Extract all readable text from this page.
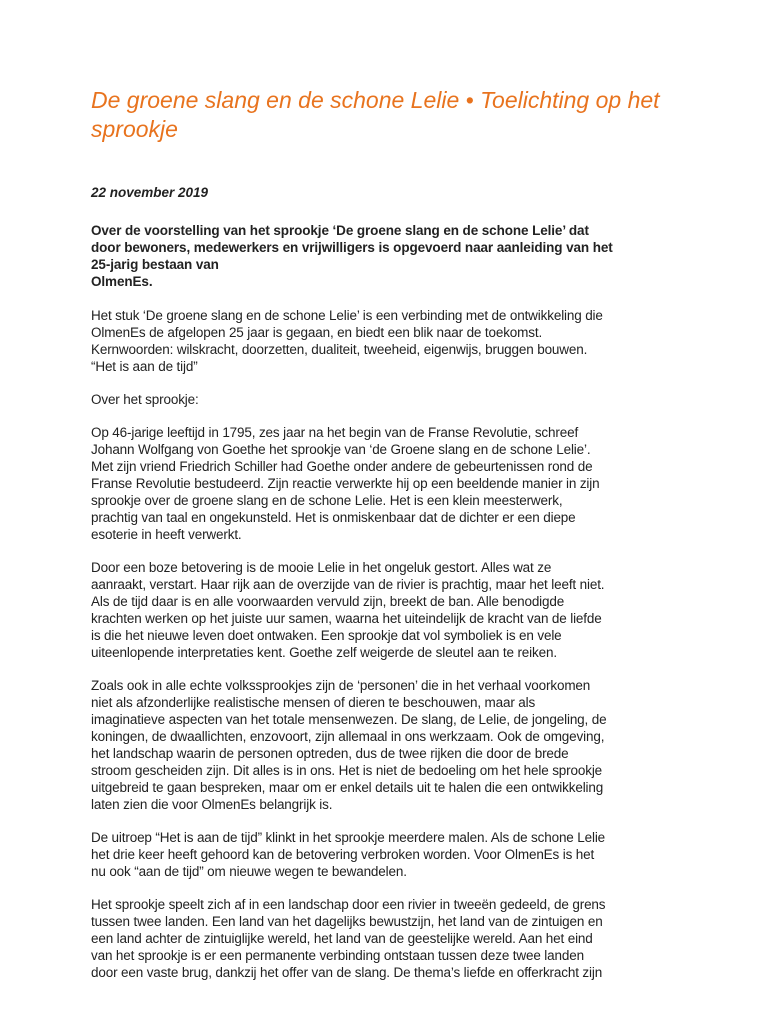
De groene slang en de schone Lelie • Toelichting op het sprookje
22 november 2019
Over de voorstelling van het sprookje ‘De groene slang en de schone Lelie’ dat
door bewoners, medewerkers en vrijwilligers is opgevoerd naar aanleiding van het
25-jarig bestaan van
OlmenEs.

Het stuk ‘De groene slang en de schone Lelie’ is een verbinding met de ontwikkeling die
OlmenEs de afgelopen 25 jaar is gegaan, en biedt een blik naar de toekomst.
Kernwoorden: wilskracht, doorzetten, dualiteit, tweeheid, eigenwijs, bruggen bouwen.
“Het is aan de tijd”

Over het sprookje:

Op 46-jarige leeftijd in 1795, zes jaar na het begin van de Franse Revolutie, schreef
Johann Wolfgang von Goethe het sprookje van ‘de Groene slang en de schone Lelie’.
Met zijn vriend Friedrich Schiller had Goethe onder andere de gebeurtenissen rond de
Franse Revolutie bestudeerd. Zijn reactie verwerkte hij op een beeldende manier in zijn
sprookje over de groene slang en de schone Lelie. Het is een klein meesterwerk,
prachtig van taal en ongekunsteld. Het is onmiskenbaar dat de dichter er een diepe
esoterie in heeft verwerkt.

Door een boze betovering is de mooie Lelie in het ongeluk gestort. Alles wat ze
aanraakt, verstart. Haar rijk aan de overzijde van de rivier is prachtig, maar het leeft niet.
Als de tijd daar is en alle voorwaarden vervuld zijn, breekt de ban. Alle benodigde
krachten werken op het juiste uur samen, waarna het uiteindelijk de kracht van de liefde
is die het nieuwe leven doet ontwaken. Een sprookje dat vol symboliek is en vele
uiteenlopende interpretaties kent. Goethe zelf weigerde de sleutel aan te reiken.

Zoals ook in alle echte volkssprookjes zijn de ‘personen’ die in het verhaal voorkomen
niet als afzonderlijke realistische mensen of dieren te beschouwen, maar als
imaginatieve aspecten van het totale mensenwezen. De slang, de Lelie, de jongeling, de
koningen, de dwaallichten, enzovoort, zijn allemaal in ons werkzaam. Ook de omgeving,
het landschap waarin de personen optreden, dus de twee rijken die door de brede
stroom gescheiden zijn. Dit alles is in ons. Het is niet de bedoeling om het hele sprookje
uitgebreid te gaan bespreken, maar om er enkel details uit te halen die een ontwikkeling
laten zien die voor OlmenEs belangrijk is.

De uitroep “Het is aan de tijd” klinkt in het sprookje meerdere malen. Als de schone Lelie
het drie keer heeft gehoord kan de betovering verbroken worden. Voor OlmenEs is het
nu ook “aan de tijd” om nieuwe wegen te bewandelen.

Het sprookje speelt zich af in een landschap door een rivier in tweeën gedeeld, de grens
tussen twee landen. Een land van het dagelijks bewustzijn, het land van de zintuigen en
een land achter de zintuiglijke wereld, het land van de geestelijke wereld. Aan het eind
van het sprookje is er een permanente verbinding ontstaan tussen deze twee landen
door een vaste brug, dankzij het offer van de slang. De thema’s liefde en offerkracht zijn
